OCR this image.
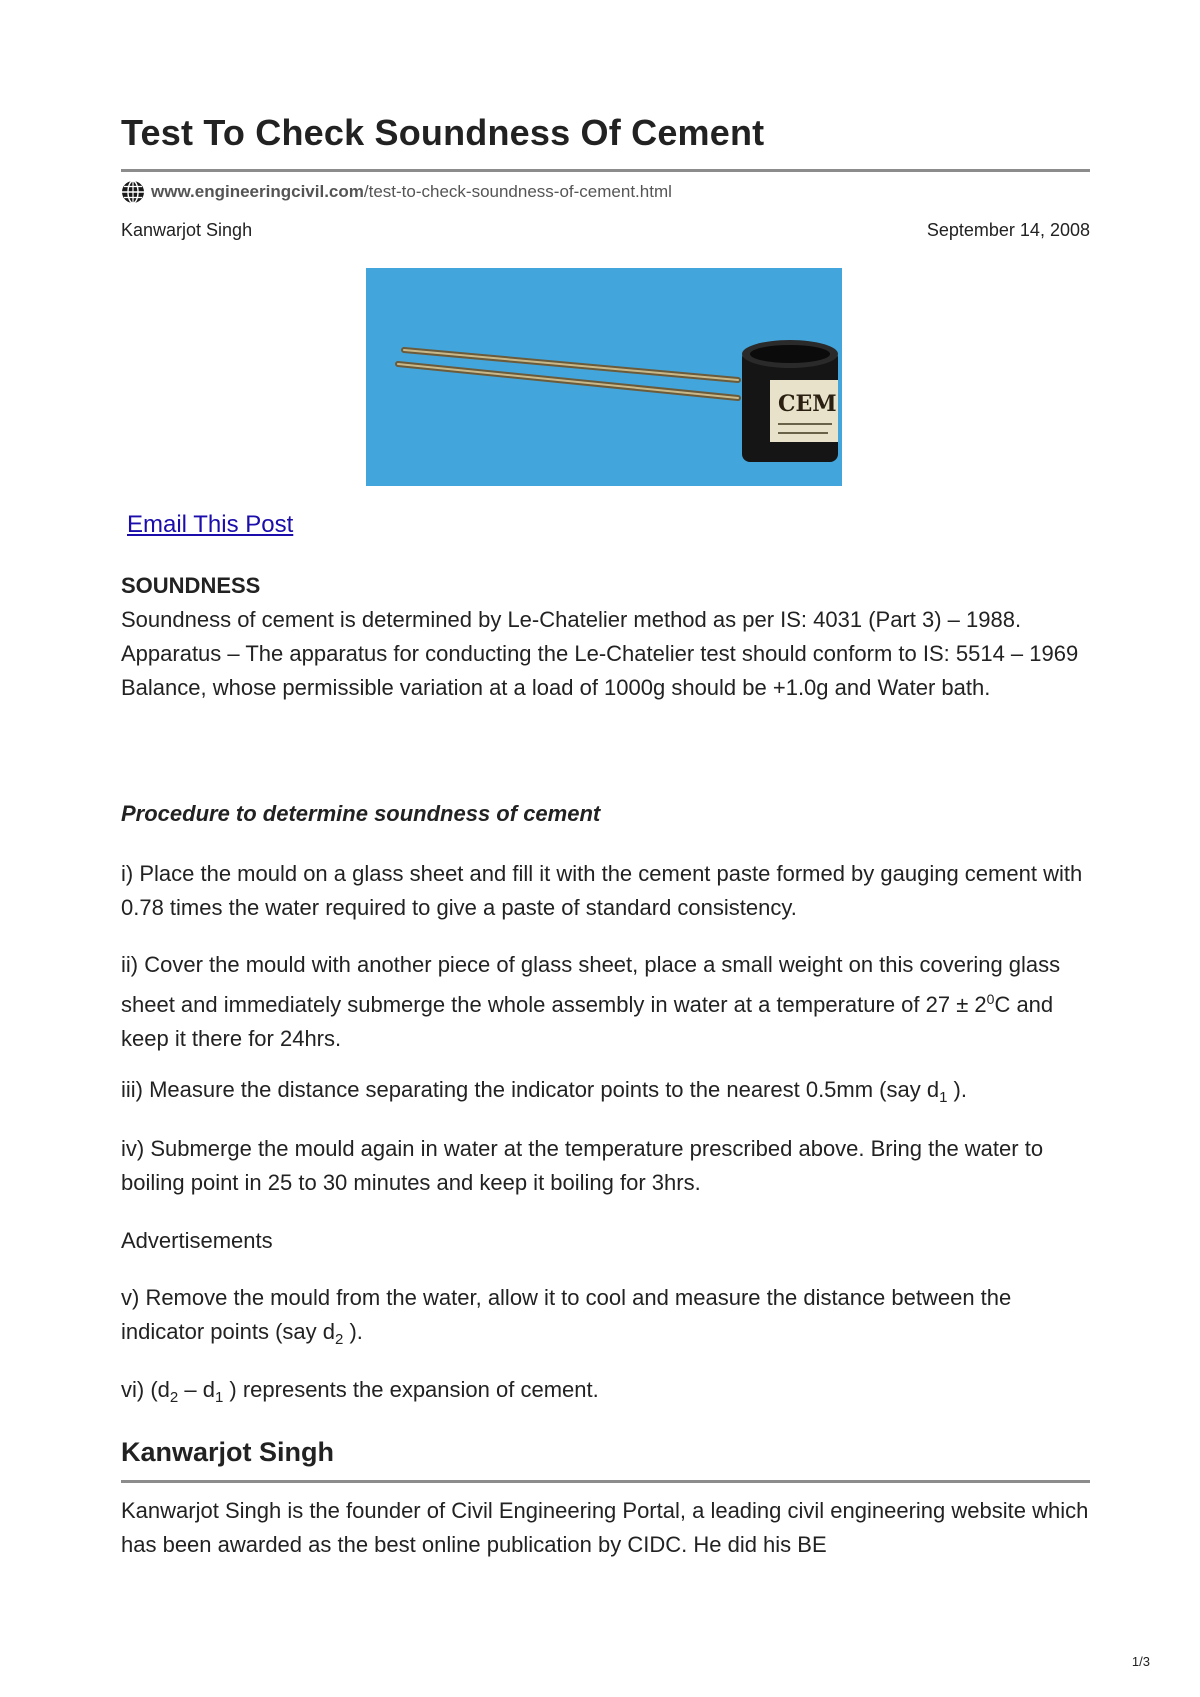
Test To Check Soundness Of Cement
www.engineeringcivil.com /test-to-check-soundness-of-cement.html
Kanwarjot Singh	September 14, 2008
CEM
Email This Post

SOUNDNESS

Soundness of cement is determined by Le-Chatelier method as per IS: 4031 (Part 3) – 1988.

Apparatus – The apparatus for conducting the Le-Chatelier test should conform to IS: 5514 – 1969

Balance, whose permissible variation at a load of 1000g should be +1.0g and Water bath.

Procedure to determine soundness of cement

i) Place the mould on a glass sheet and fill it with the cement paste formed by gauging cement with 0.78 times the water required to give a paste of standard consistency.

ii) Cover the mould with another piece of glass sheet, place a small weight on this covering glass sheet and immediately submerge the whole assembly in water at a temperature of $27 \pm 2^0C$ and keep it there for 24hrs.

iii) Measure the distance separating the indicator points to the nearest 0.5mm (say $d_1$ ).

iv) Submerge the mould again in water at the temperature prescribed above. Bring the water to boiling point in 25 to 30 minutes and keep it boiling for 3hrs.

Advertisements

v) Remove the mould from the water, allow it to cool and measure the distance between the indicator points (say $d_2$ ).

vi) ($d_2 - d_1$ ) represents the expansion of cement.

Kanwarjot Singh

Kanwarjot Singh is the founder of Civil Engineering Portal, a leading civil engineering website which has been awarded as the best online publication by CIDC. He did his BE

1/3
